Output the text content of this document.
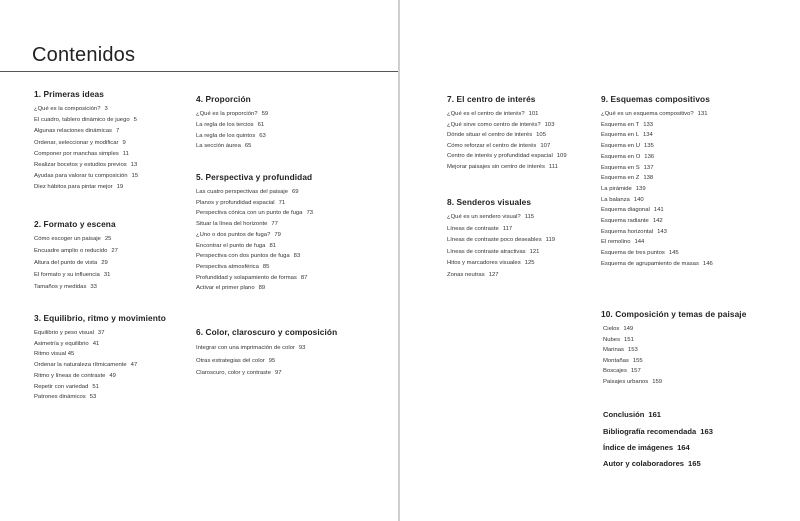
Contenidos
1. Primeras ideas
¿Qué es la composición? 3
El cuadro, tablero dinámico de juego 5
Algunas relaciones dinámicas 7
Ordenar, seleccionar y modificar 9
Componer por manchas simples 11
Realizar bocetos y estudios previos 13
Ayudas para valorar tu composición 15
Diez hábitos para pintar mejor 19
2. Formato y escena
Cómo escoger un paisaje 25
Encuadre amplio o reducido 27
Altura del punto de vista 29
El formato y su influencia 31
Tamaños y medidas 33
3. Equilibrio, ritmo y movimiento
Equilibrio y peso visual 37
Asimetría y equilibrio 41
Ritmo visual 45
Ordenar la naturaleza rítmicamente 47
Ritmo y líneas de contraste 49
Repetir con variedad 51
Patrones dinámicos 53
4. Proporción
¿Qué es la proporción? 59
La regla de los tercios 61
La regla de los quintos 63
La sección áurea 65
5. Perspectiva y profundidad
Las cuatro perspectivas del paisaje 69
Planos y profundidad espacial 71
Perspectiva cónica con un punto de fuga 73
Situar la línea del horizonte 77
¿Uno o dos puntos de fuga? 79
Encontrar el punto de fuga 81
Perspectiva con dos puntos de fuga 83
Perspectiva atmosférica 85
Profundidad y solapamiento de formas 87
Activar el primer plano 89
6. Color, claroscuro y composición
Integrar con una imprimación de color 93
Otras estrategias del color 95
Claroscuro, color y contraste 97
7. El centro de interés
¿Qué es el centro de interés? 101
¿Qué sirve como centro de interés? 103
Dónde situar el centro de interés 105
Cómo reforzar el centro de interés 107
Centro de interés y profundidad espacial 109
Mejorar paisajes sin centro de interés 111
8. Senderos visuales
¿Qué es un sendero visual? 115
Líneas de contraste 117
Líneas de contraste poco deseables 119
Líneas de contraste atractivas 121
Hitos y marcadores visuales 125
Zonas neutras 127
9. Esquemas compositivos
¿Qué es un esquema compositivo? 131
Esquema en T 133
Esquema en L 134
Esquema en U 135
Esquema en O 136
Esquema en S 137
Esquema en Z 138
La pirámide 139
La balanza 140
Esquema diagonal 141
Esquema radiante 142
Esquema horizontal 143
El remolino 144
Esquema de tres puntos 145
Esquema de agrupamiento de masas 146
10. Composición y temas de paisaje
Cielos 149
Nubes 151
Marinas 153
Montañas 155
Boscajes 157
Paisajes urbanos 159
Conclusión 161
Bibliografía recomendada 163
Índice de imágenes 164
Autor y colaboradores 165
